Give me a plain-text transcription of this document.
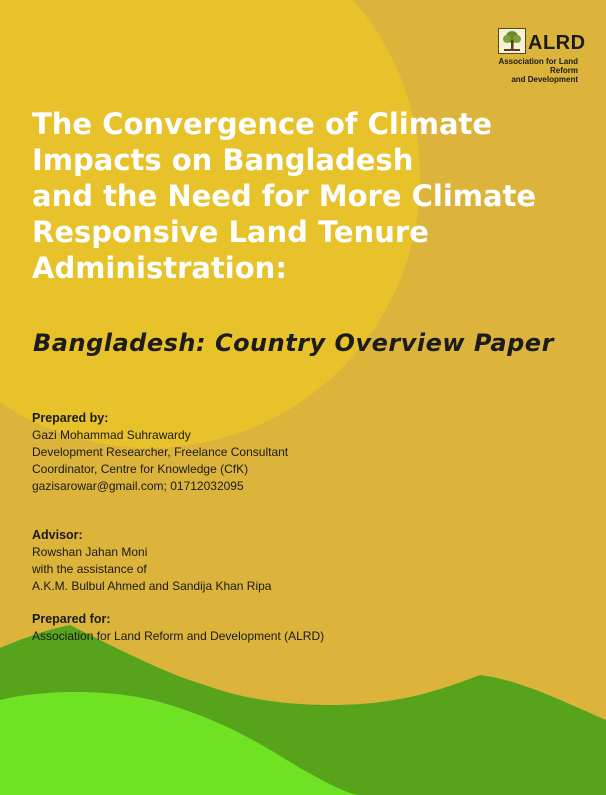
ALRD
Association for Land Reform
and Development
The Convergence of Climate
Impacts on Bangladesh
and the Need for More Climate
Responsive Land Tenure
Administration:
Bangladesh: Country Overview Paper
Prepared by:
Gazi Mohammad Suhrawardy
Development Researcher, Freelance Consultant
Coordinator, Centre for Knowledge (CfK)
gazisarowar@gmail.com; 01712032095
Advisor:
Rowshan Jahan Moni
with the assistance of
A.K.M. Bulbul Ahmed and Sandija Khan Ripa
Prepared for:
Association for Land Reform and Development (ALRD)
